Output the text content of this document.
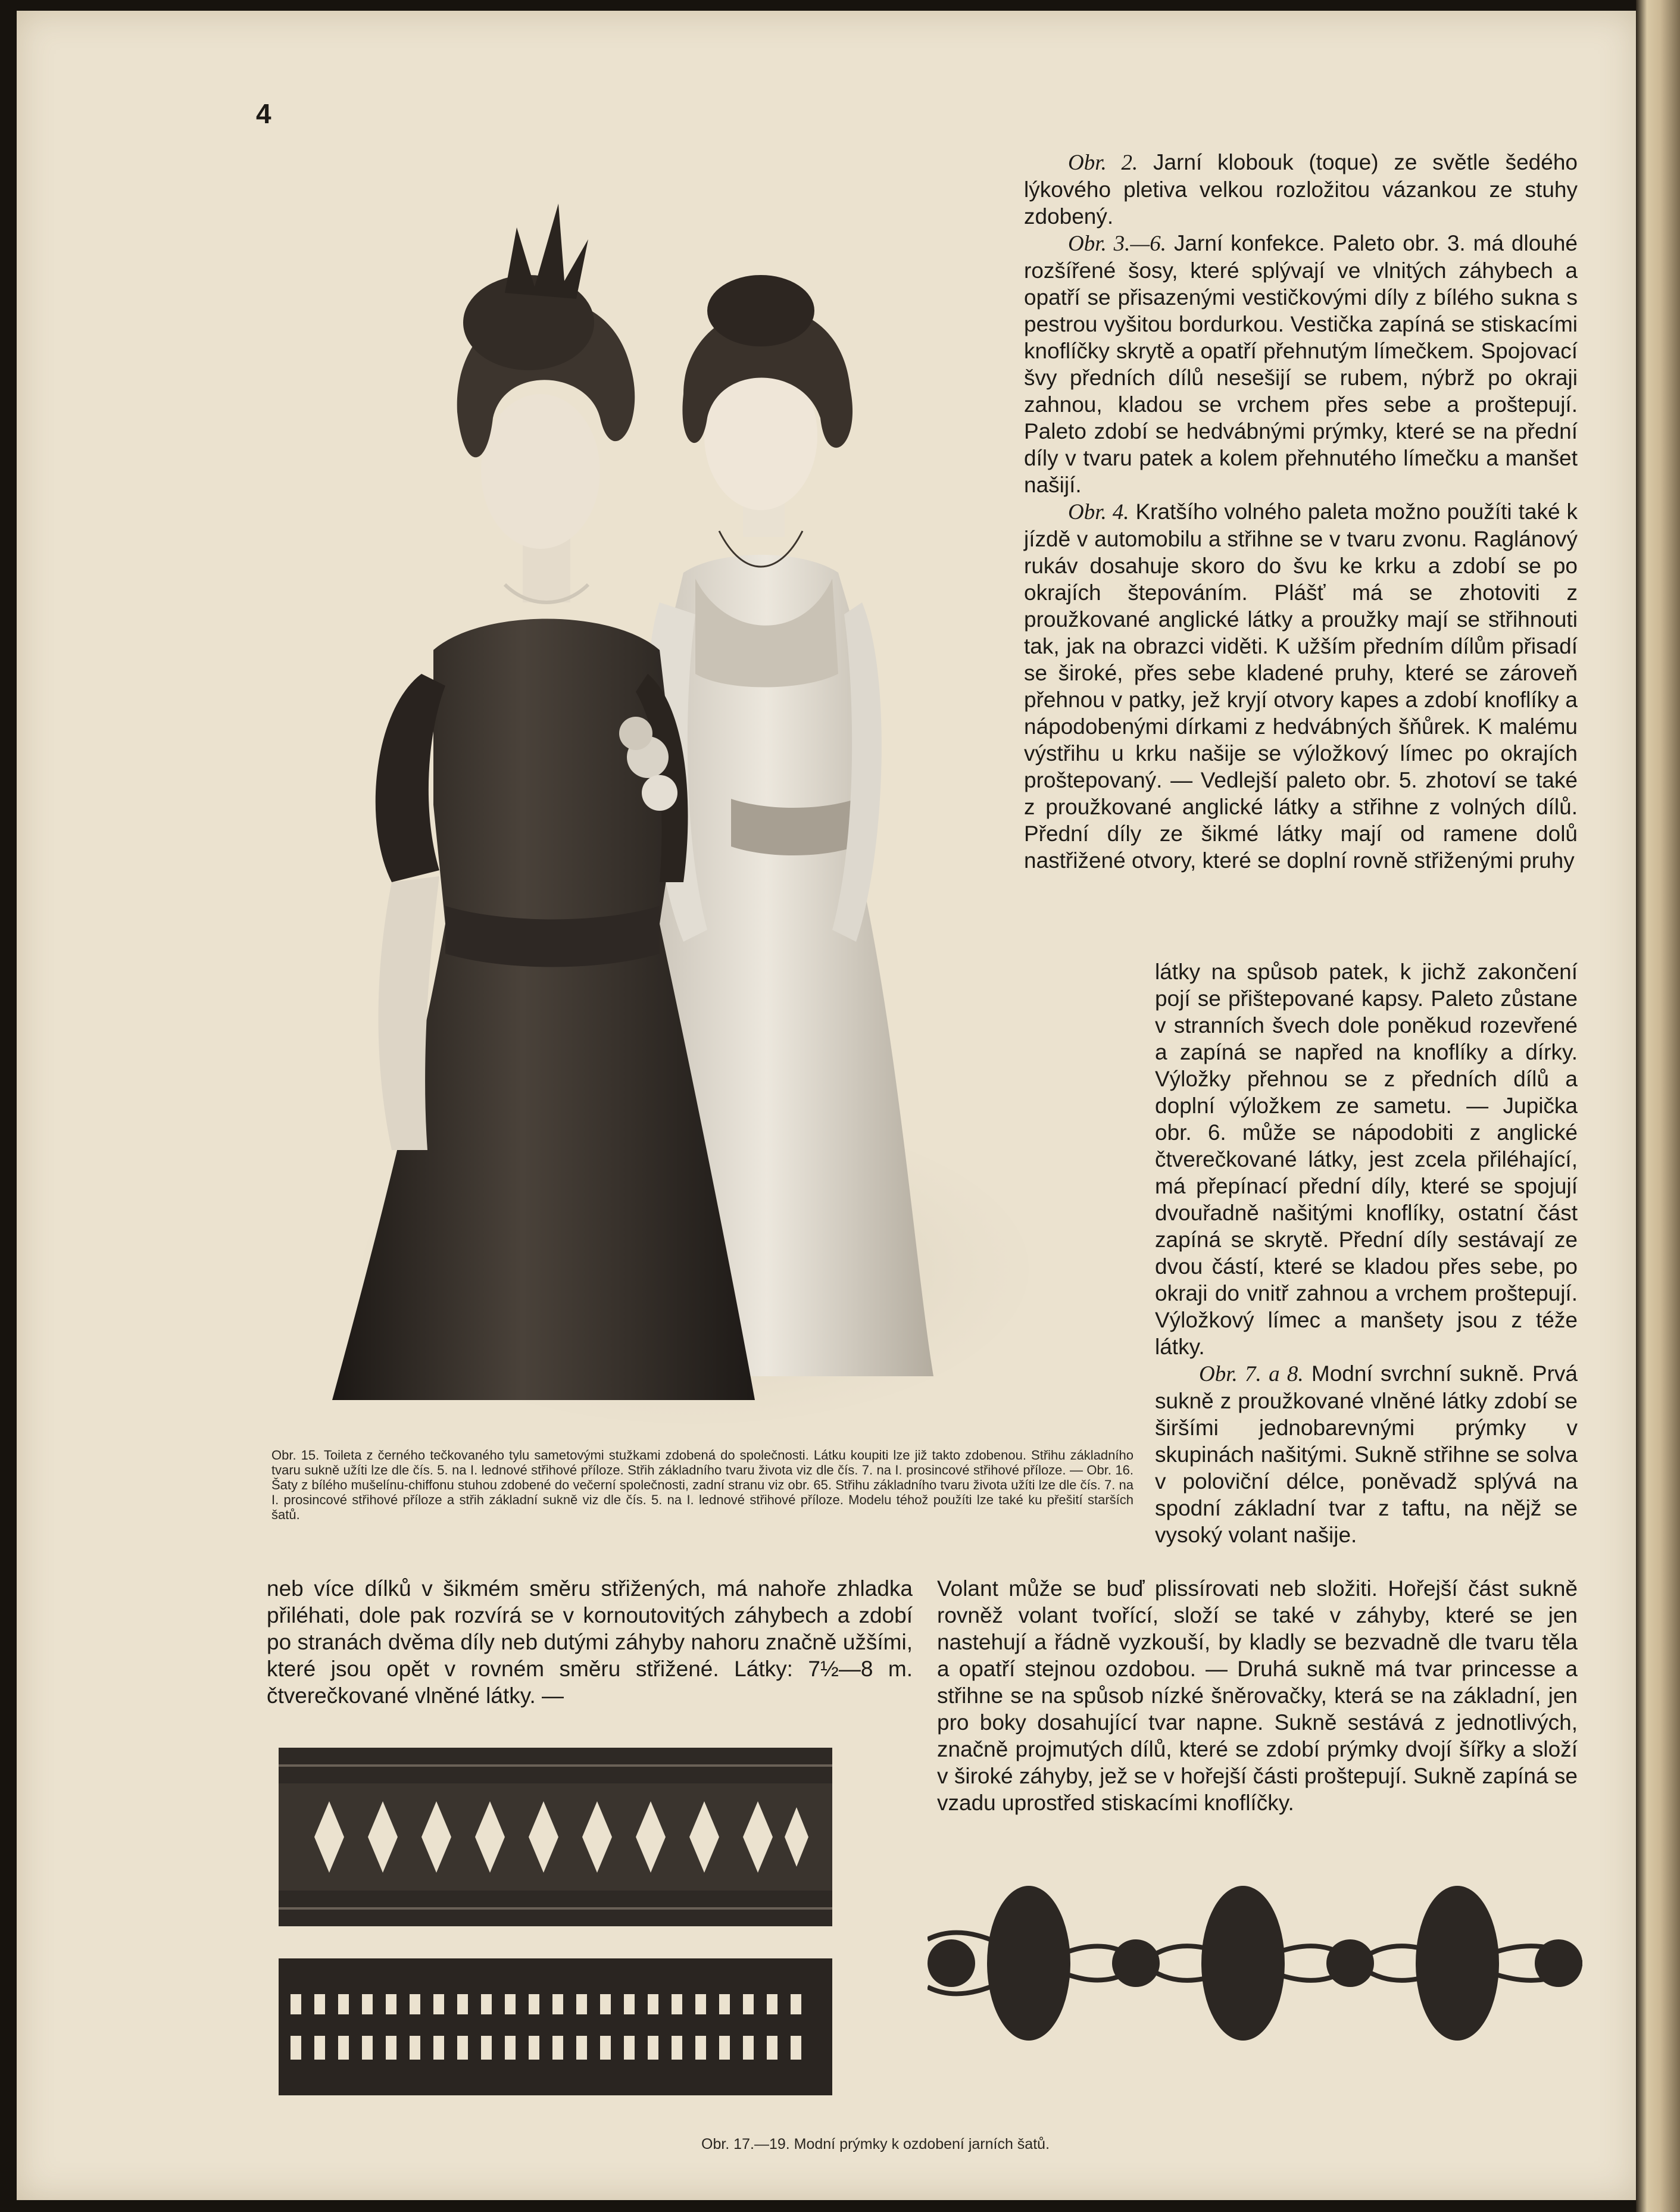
4

  Obr. 2. Jarní klobouk (toque) ze světle šedého lýkového pletiva velkou rozložitou vázankou ze stuhy zdobený.

  Obr. 3.—6. Jarní konfekce. Paleto obr. 3. má dlouhé rozšířené šosy, které splývají ve vlnitých záhybech a opatří se přisazenými vestičkovými díly z bílého sukna s pestrou vyšitou bordurkou. Vestička zapíná se stiskacími knoflíčky skrytě a opatří přehnutým límečkem. Spojovací švy předních dílů nesešijí se rubem, nýbrž po okraji zahnou, kladou se vrchem přes sebe a proštepují. Paleto zdobí se hedvábnými prýmky, které se na přední díly v tvaru patek a kolem přehnutého límečku a manšet našijí.

  Obr. 4. Kratšího volného paleta možno použíti také k jízdě v automobilu a střihne se v tvaru zvonu. Raglánový rukáv dosahuje skoro do švu ke krku a zdobí se po okrajích štepováním. Plášť má se zhotoviti z proužkované anglické látky a proužky mají se střihnouti tak, jak na obrazci viděti. K užším předním dílům přisadí se široké, přes sebe kladené pruhy, které se zároveň přehnou v patky, jež kryjí otvory kapes a zdobí knoflíky a nápodobenými dírkami z hedvábných šňůrek. K malému výstřihu u krku našije se výložkový límec po okrajích proštepovaný. — Vedlejší paleto obr. 5. zhotoví se také z proužkované anglické látky a střihne z volných dílů. Přední díly ze šikmé látky mají od ramene dolů nastřižené otvory, které se doplní rovně střiženými pruhy

látky na spůsob patek, k jichž zakončení pojí se přištepované kapsy. Paleto zůstane v stranních švech dole poněkud rozevřené a zapíná se napřed na knoflíky a dírky. Výložky přehnou se z předních dílů a doplní výložkem ze sametu. — Jupička obr. 6. může se nápodobiti z anglické čtverečkované látky, jest zcela přiléhající, má přepínací přední díly, které se spojují dvouřadně našitými knoflíky, ostatní část zapíná se skrytě. Přední díly sestávají ze dvou částí, které se kladou přes sebe, po okraji do vnitř zahnou a vrchem proštepují. Výložkový límec a manšety jsou z téže látky.

  Obr. 7. a 8. Modní svrchní sukně. Prvá sukně z proužkované vlněné látky zdobí se širšími jednobarevnými prýmky v skupinách našitými. Sukně střihne se solva v poloviční délce, poněvadž splývá na spodní základní tvar z taftu, na nějž se vysoký volant našije.

Obr. 15. Toileta z černého tečkovaného tylu sametovými stužkami zdobená do společnosti. Látku koupiti lze již takto zdobenou. Střihu základního tvaru sukně užíti lze dle čís. 5. na I. lednové střihové příloze. Střih základního tvaru života viz dle čís. 7. na I. prosincové střihové příloze. — Obr. 16. Šaty z bílého mušelínu-chiffonu stuhou zdobené do večerní společnosti, zadní stranu viz obr. 65. Střihu základního tvaru života užíti lze dle čís. 7. na I. prosincové střihové příloze a střih základní sukně viz dle čís. 5. na I. lednové střihové příloze. Modelu téhož použíti lze také ku přešití starších šatů.

neb více dílků v šikmém směru střižených, má nahoře zhladka přiléhati, dole pak rozvírá se v kornoutovitých záhybech a zdobí po stranách dvěma díly neb dutými záhyby nahoru značně užšími, které jsou opět v rovném směru střižené. Látky: 7½—8 m. čtverečkované vlněné látky. —

Volant může se buď plissírovati neb složiti. Hořejší část sukně rovněž volant tvořící, složí se také v záhyby, které se jen nastehují a řádně vyzkouší, by kladly se bezvadně dle tvaru těla a opatří stejnou ozdobou. — Druhá sukně má tvar princesse a střihne se na spůsob nízké šněrovačky, která se na základní, jen pro boky dosahující tvar napne. Sukně sestává z jednotlivých, značně projmutých dílů, které se zdobí prýmky dvojí šířky a složí v široké záhyby, jež se v hořejší části proštepují. Sukně zapíná se vzadu uprostřed stiskacími knoflíčky.

Obr. 17.—19. Modní prýmky k ozdobení jarních šatů.
